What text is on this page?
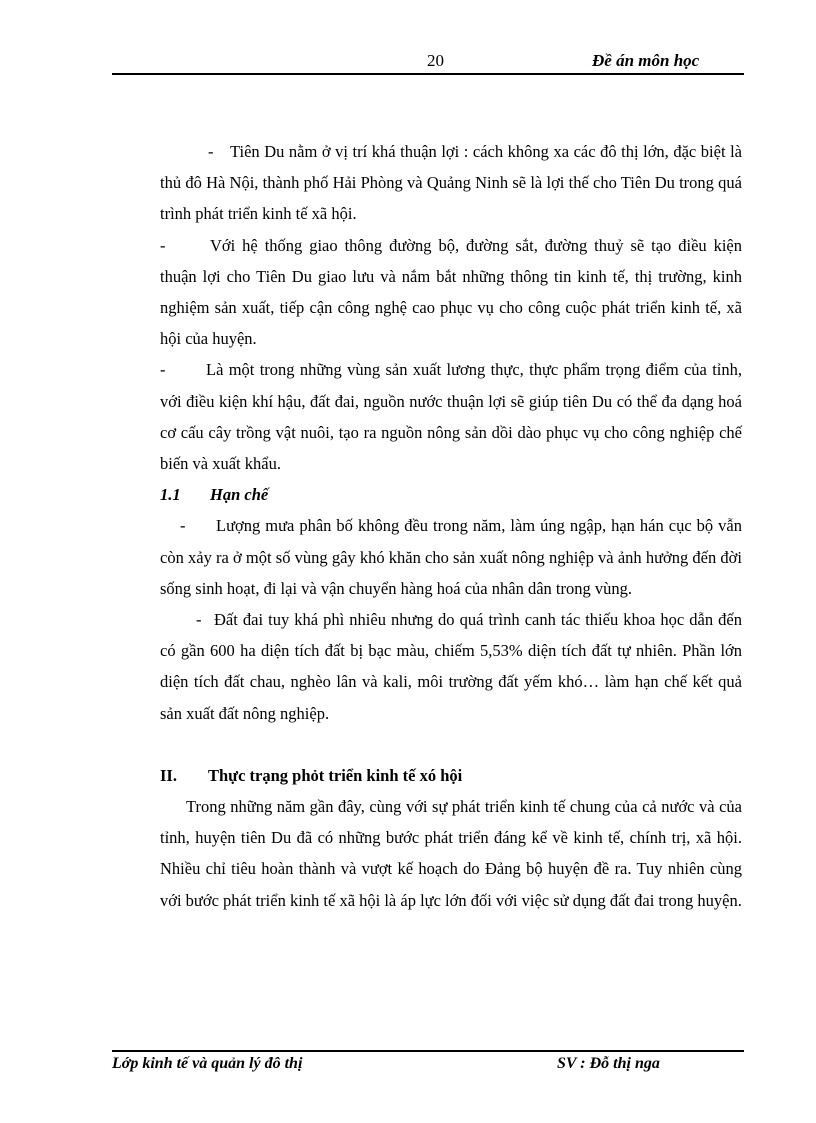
20	Đề án môn học

- Tiên Du nằm ở vị trí khá thuận lợi : cách không xa các đô thị lớn, đặc biệt là thủ đô Hà Nội, thành phố Hải Phòng và Quảng Ninh sẽ là lợi thế cho Tiên Du trong quá trình phát triển kinh tế xã hội.

-	Với hệ thống giao thông đường bộ, đường sắt, đường thuỷ sẽ tạo điều kiện thuận lợi cho Tiên Du giao lưu và nắm bắt những thông tin kinh tế, thị trường, kinh nghiệm sản xuất, tiếp cận công nghệ cao phục vụ cho công cuộc phát triển kinh tế, xã hội của huyện.

- Là một trong những vùng sản xuất lương thực, thực phẩm trọng điểm của tỉnh, với điều kiện khí hậu, đất đai, nguồn nước thuận lợi sẽ giúp tiên Du có thể đa dạng hoá cơ cấu cây trồng vật nuôi, tạo ra nguồn nông sản dồi dào phục vụ cho công nghiệp chế biến và xuất khẩu.

1.1 Hạn chế

- Lượng mưa phân bố không đều trong năm, làm úng ngập, hạn hán cục bộ vẫn còn xảy ra ở một số vùng gây khó khăn cho sản xuất nông nghiệp và ảnh hưởng đến đời sống sinh hoạt, đi lại và vận chuyển hàng hoá của nhân dân trong vùng.

- Đất đai tuy khá phì nhiêu nhưng do quá trình canh tác thiếu khoa học dẫn đến có gần 600 ha diện tích đất bị bạc màu, chiếm 5,53% diện tích đất tự nhiên. Phần lớn diện tích đất chau, nghèo lân và kali, môi trường đất yếm khó… làm hạn chế kết quả sản xuất đất nông nghiệp.

II. Thực trạng phỏt triển kinh tế xó hội

Trong những năm gần đây, cùng với sự phát triển kinh tế chung của cả nước và của tỉnh, huyện tiên Du đã có những bước phát triển đáng kể về kinh tế, chính trị, xã hội. Nhiều chỉ tiêu hoàn thành và vượt kế hoạch do Đảng bộ huyện đề ra. Tuy nhiên cùng với bước phát triển kinh tế xã hội là áp lực lớn đối với việc sử dụng đất đai trong huyện.

Lớp kinh tế và quản lý đô thị	SV : Đỗ thị nga
